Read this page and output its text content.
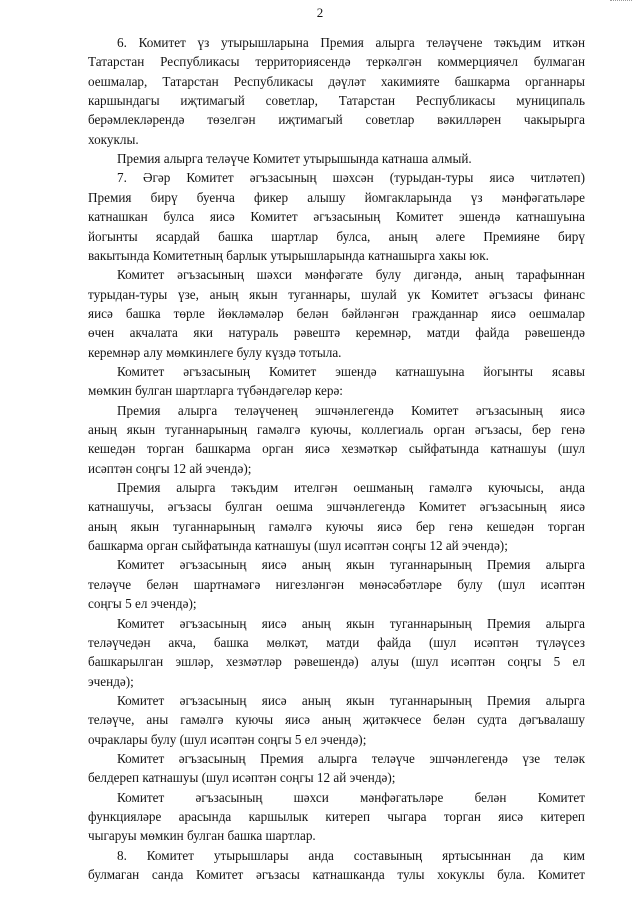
2
6. Комитет үз утырышларына Премия алырга теләүчене тәкъдим иткән
Татарстан Республикасы территориясендә теркәлгән коммерциячел булмаган
оешмалар, Татарстан Республикасы дәүләт хакимияте башкарма органнары
каршындагы иҗтимагый советлар, Татарстан Республикасы муниципаль
берәмлекләрендә төзелгән иҗтимагый советлар вәкилләрен чакырырга
хокуклы.
Премия алырга теләүче Комитет утырышында катнаша алмый.
7. Әгәр Комитет әгъзасының шәхсән (турыдан-туры яисә читләтеп)
Премия бирү буенча фикер алышу йомгакларында үз мәнфәгатьләре
катнашкан булса яисә Комитет әгъзасының Комитет эшендә катнашуына
йогынты ясардай башка шартлар булса, аның әлеге Премияне бирү
вакытында Комитетның барлык утырышларында катнашырга хакы юк.
Комитет әгъзасының шәхси мәнфәгате булу дигәндә, аның тарафыннан
турыдан-туры үзе, аның якын туганнары, шулай ук Комитет әгъзасы финанс
яисә башка төрле йөкләмәләр белән бәйләнгән гражданнар яисә оешмалар
өчен акчалата яки натураль рәвештә керемнәр, матди файда рәвешендә
керемнәр алу мөмкинлеге булу күздә тотыла.
Комитет әгъзасының Комитет эшендә катнашуына йогынты ясавы
мөмкин булган шартларга түбәндәгеләр керә:
Премия алырга теләүченең эшчәнлегендә Комитет әгъзасының яисә
аның якын туганнарының гамәлгә куючы, коллегиаль орган әгъзасы, бер генә
кешедән торган башкарма орган яисә хезмәткәр сыйфатында катнашуы (шул
исәптән соңгы 12 ай эчендә);
Премия алырга тәкъдим ителгән оешманың гамәлгә куючысы, анда
катнашучы, әгъзасы булган оешма эшчәнлегендә Комитет әгъзасының яисә
аның якын туганнарының гамәлгә куючы яисә бер генә кешедән торган
башкарма орган сыйфатында катнашуы (шул исәптән соңгы 12 ай эчендә);
Комитет әгъзасының яисә аның якын туганнарының Премия алырга
теләүче белән шартнамәгә нигезләнгән мөнәсәбәтләре булу (шул исәптән
соңгы 5 ел эчендә);
Комитет әгъзасының яисә аның якын туганнарының Премия алырга
теләүчедән акча, башка мөлкәт, матди файда (шул исәптән түләүсез
башкарылган эшләр, хезмәтләр рәвешендә) алуы (шул исәптән соңгы 5 ел
эчендә);
Комитет әгъзасының яисә аның якын туганнарының Премия алырга
теләүче, аны гамәлгә куючы яисә аның җитәкчесе белән судта дәгъвалашу
очраклары булу (шул исәптән соңгы 5 ел эчендә);
Комитет әгъзасының Премия алырга теләүче эшчәнлегендә үзе теләк
белдереп катнашуы (шул исәптән соңгы 12 ай эчендә);
Комитет әгъзасының шәхси мәнфәгатьләре белән Комитет
функцияләре арасында каршылык китереп чыгара торган яисә китереп
чыгаруы мөмкин булган башка шартлар.
8. Комитет утырышлары анда составының яртысыннан да ким
булмаган санда Комитет әгъзасы катнашканда тулы хокуклы була. Комитет
